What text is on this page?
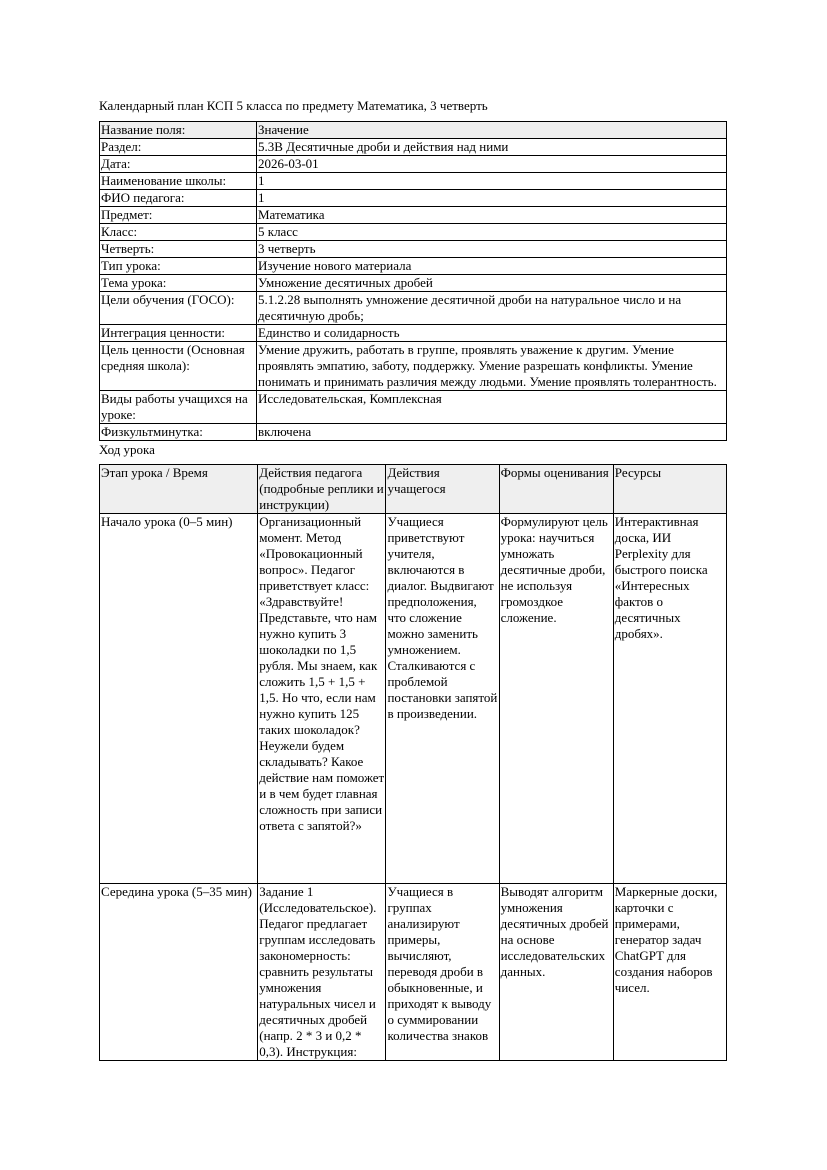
Календарный план КСП 5 класса по предмету Математика, 3 четверть
Название поля:	Значение
Раздел:	5.3В Десятичные дроби и действия над ними
Дата:	2026-03-01
Наименование школы:	1
ФИО педагога:	1
Предмет:	Математика
Класс:	5 класс
Четверть:	3 четверть
Тип урока:	Изучение нового материала
Тема урока:	Умножение десятичных дробей
Цели обучения (ГОСО):	5.1.2.28 выполнять умножение десятичной дроби на натуральное число и на десятичную дробь;
Интеграция ценности:	Единство и солидарность
Цель ценности (Основная средняя школа):	Умение дружить, работать в группе, проявлять уважение к другим. Умение проявлять эмпатию, заботу, поддержку. Умение разрешать конфликты. Умение понимать и принимать различия между людьми. Умение проявлять толерантность.
Виды работы учащихся на уроке:	Исследовательская, Комплексная
Физкультминутка:	включена
Ход урока
Этап урока / Время	Действия педагога (подробные реплики и инструкции)	Действия учащегося	Формы оценивания	Ресурсы
Начало урока (0–5 мин)	Организационный момент. Метод «Провокационный вопрос». Педагог приветствует класс: «Здравствуйте! Представьте, что нам нужно купить 3 шоколадки по 1,5 рубля. Мы знаем, как сложить 1,5 + 1,5 + 1,5. Но что, если нам нужно купить 125 таких шоколадок? Неужели будем складывать? Какое действие нам поможет и в чем будет главная сложность при записи ответа с запятой?»	Учащиеся приветствуют учителя, включаются в диалог. Выдвигают предположения, что сложение можно заменить умножением. Сталкиваются с проблемой постановки запятой в произведении.	Формулируют цель урока: научиться умножать десятичные дроби, не используя громоздкое сложение.	Интерактивная доска, ИИ Perplexity для быстрого поиска «Интересных фактов о десятичных дробях».
Середина урока (5–35 мин)	Задание 1 (Исследовательское). Педагог предлагает группам исследовать закономерность: сравнить результаты умножения натуральных чисел и десятичных дробей (напр. 2 * 3 и 0,2 * 0,3). Инструкция:	Учащиеся в группах анализируют примеры, вычисляют, переводя дроби в обыкновенные, и приходят к выводу о суммировании количества знаков	Выводят алгоритм умножения десятичных дробей на основе исследовательских данных.	Маркерные доски, карточки с примерами, генератор задач ChatGPT для создания наборов чисел.
